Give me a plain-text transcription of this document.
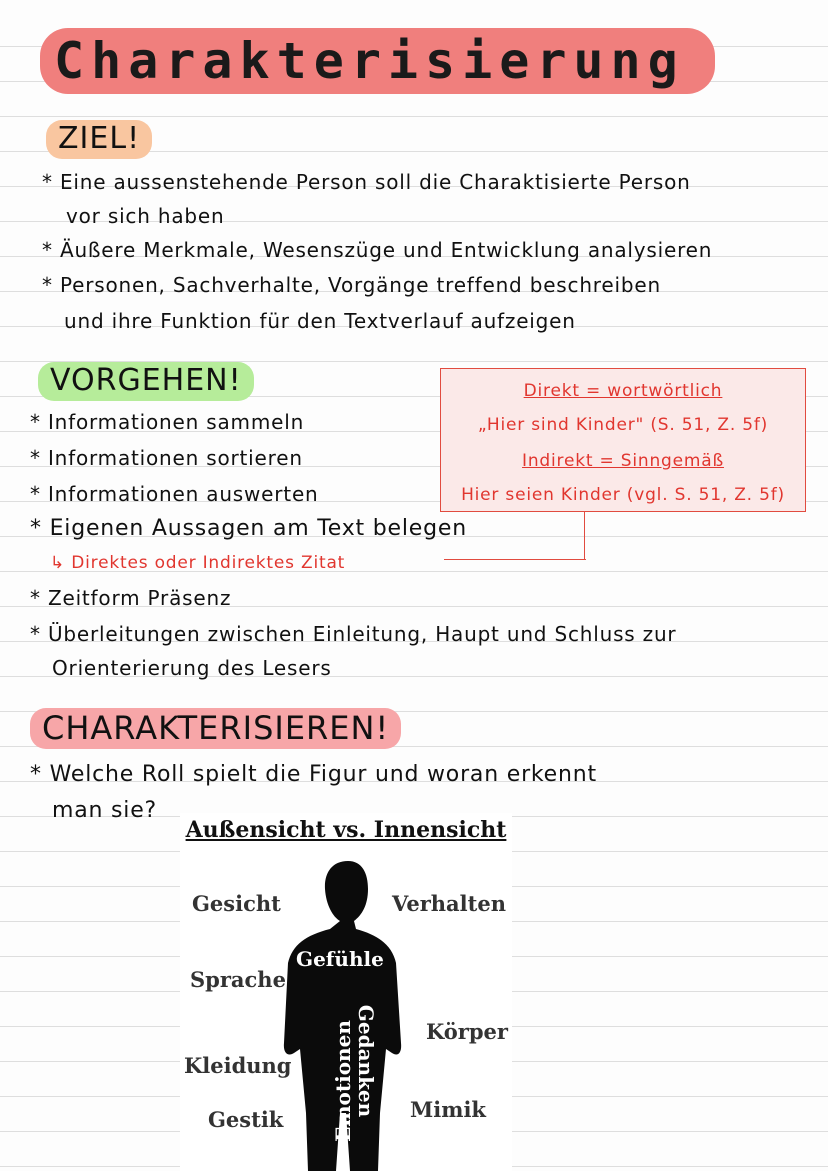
Charakterisierung
ZIEL!
* Eine aussenstehende Person soll die Charaktisierte Person
vor sich haben
* Äußere Merkmale, Wesenszüge und Entwicklung analysieren
* Personen, Sachverhalte, Vorgänge treffend beschreiben
und ihre Funktion für den Textverlauf aufzeigen
VORGEHEN!
* Informationen sammeln
* Informationen sortieren
* Informationen auswerten
* Eigenen Aussagen am Text belegen
↳ Direktes oder Indirektes Zitat
* Zeitform Präsenz
* Überleitungen zwischen Einleitung, Haupt und Schluss zur
Orienterierung des Lesers
Direkt = wortwörtlich
„Hier sind Kinder" (S. 51, Z. 5f)
Indirekt = Sinngemäß
Hier seien Kinder (vgl. S. 51, Z. 5f)
CHARAKTERISIEREN!
* Welche Roll spielt die Figur und woran erkennt
man sie?
Außensicht vs. Innensicht
Gesicht	Verhalten
Sprache
Körper
Kleidung
Gestik	Mimik
Gefühle
Gedanken
Emotionen
